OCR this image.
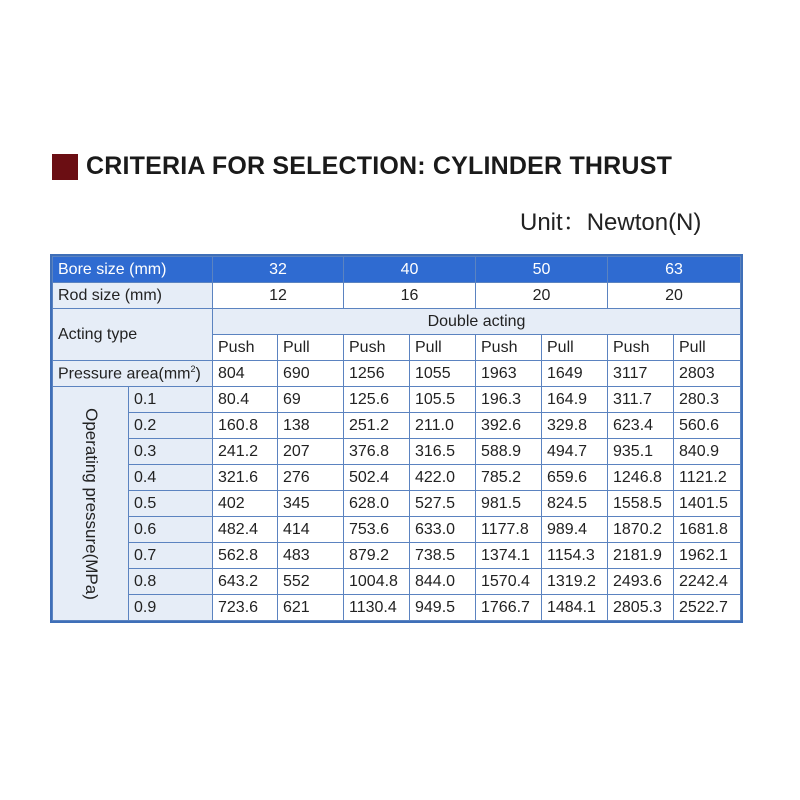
CRITERIA FOR SELECTION: CYLINDER THRUST
Unit：Newton(N)
Bore size (mm)		32		40		50		63	
Rod size (mm)		12		16		20		20	
Acting type		Double acting							
		Push	Pull	Push	Pull	Push	Pull	Push	Pull
Pressure $area(mm^2)$		804	690	1256	1055	1963	1649	3117	2803

Operating pressure(MPa)	0.1	80.4	69	125.6	105.5	196.3	164.9	311.7	280.3
	0.2	160.8	138	251.2	211.0	392.6	329.8	623.4	560.6
	0.3	241.2	207	376.8	316.5	588.9	494.7	935.1	840.9
	0.4	321.6	276	502.4	422.0	785.2	659.6	1246.8	1121.2
	0.5	402	345	628.0	527.5	981.5	824.5	1558.5	1401.5
	0.6	482.4	414	753.6	633.0	1177.8	989.4	1870.2	1681.8
	0.7	562.8	483	879.2	738.5	1374.1	1154.3	2181.9	1962.1
	0.8	643.2	552	1004.8	844.0	1570.4	1319.2	2493.6	2242.4
	0.9	723.6	621	1130.4	949.5	1766.7	1484.1	2805.3	2522.7
